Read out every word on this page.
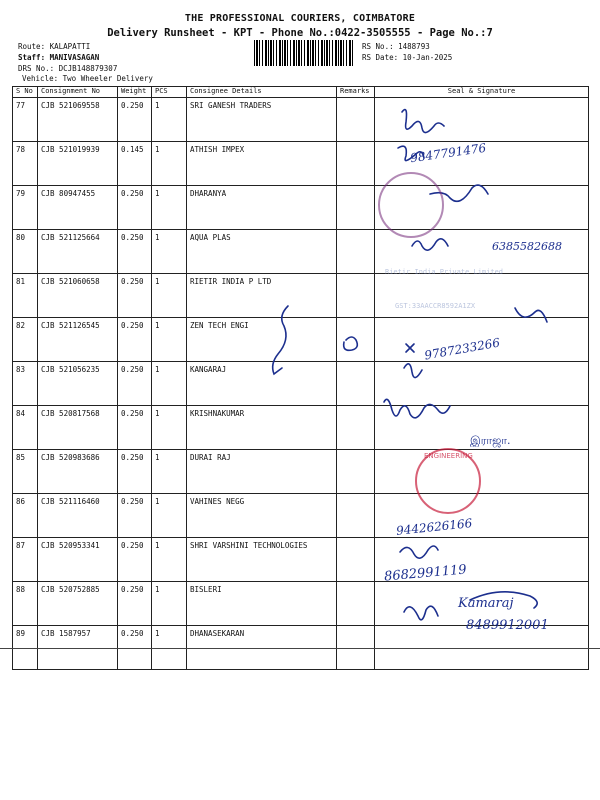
THE PROFESSIONAL COURIERS, COIMBATORE
Delivery Runsheet - KPT - Phone No.:0422-3505555 - Page No.:7
Route: KALAPATTI
Staff: MANIVASAGAN
DRS No.: DCJB148879307
Vehicle: Two Wheeler Delivery
RS No.: 1488793
RS Date: 10-Jan-2025
S No	Consignment No	Weight	PCS	Consignee Details	Remarks	Seal & Signature
77	CJB 521069558	0.250	1	SRI GANESH TRADERS		
78	CJB 521019939	0.145	1	ATHISH IMPEX		
79	CJB 80947455	0.250	1	DHARANYA		
80	CJB 521125664	0.250	1	AQUA PLAS		
81	CJB 521060658	0.250	1	RIETIR INDIA P LTD		
82	CJB 521126545	0.250	1	ZEN TECH ENGI		
83	CJB 521056235	0.250	1	KANGARAJ		
84	CJB 520817568	0.250	1	KRISHNAKUMAR		
85	CJB 520983686	0.250	1	DURAI RAJ		
86	CJB 521116460	0.250	1	VAHINES NEGG		
87	CJB 520953341	0.250	1	SHRI VARSHINI TECHNOLOGIES		
88	CJB 520752885	0.250	1	BISLERI		
89	CJB 1587957	0.250	1	DHANASEKARAN		
Rietir India Private Limited
GST:33AACCR8592A1ZX
ENGINEERING
9847791476
6385582688
9787233266
இராஜா.
9442626166
8682991119
Kamaraj
8489912001
